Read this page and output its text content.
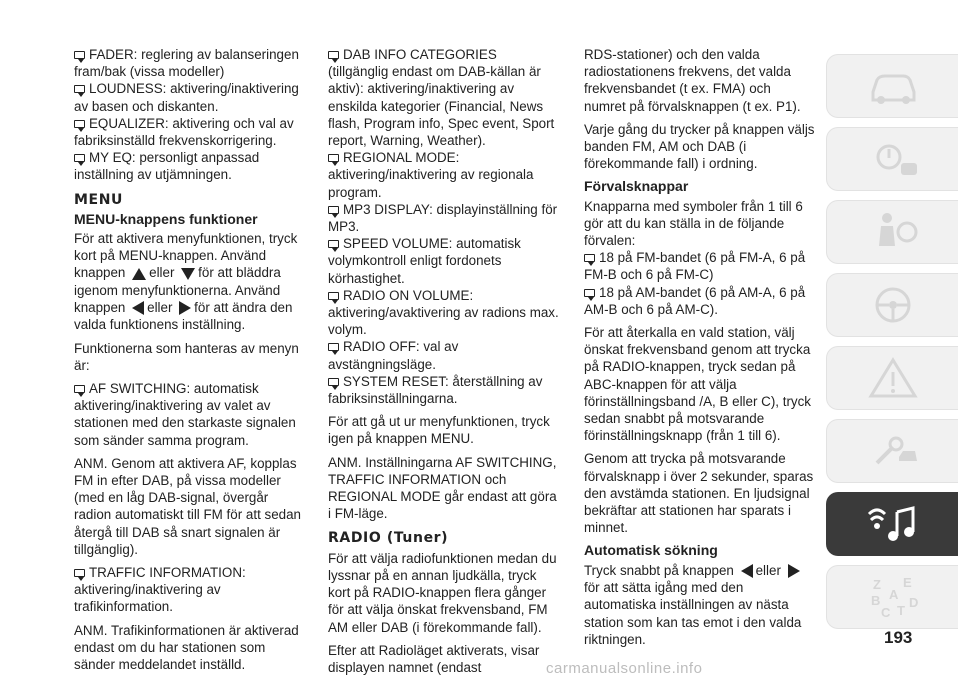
FADER: reglering av balanseringen fram/bak (vissa modeller)

LOUDNESS: aktivering/inaktivering av basen och diskanten.

EQUALIZER: aktivering och val av fabriksinställd frekvenskorrigering.

MY EQ: personligt anpassad inställning av utjämningen.

MENU
MENU-knappens funktioner

För att aktivera menyfunktionen, tryck kort på MENU-knappen. Använd knappen eller för att bläddra igenom menyfunktionerna. Använd knappen eller för att ändra den valda funktionens inställning.

Funktionerna som hanteras av menyn är:

AF SWITCHING: automatisk aktivering/inaktivering av valet av stationen med den starkaste signalen som sänder samma program.

ANM. Genom att aktivera AF, kopplas FM in efter DAB, på vissa modeller (med en låg DAB-signal, övergår radion automatiskt till FM för att sedan återgå till DAB så snart signalen är tillgänglig).

TRAFFIC INFORMATION: aktivering/inaktivering av trafikinformation.

ANM. Trafikinformationen är aktiverad endast om du har stationen som sänder meddelandet inställd.

DAB INFO CATEGORIES (tillgänglig endast om DAB-källan är aktiv): aktivering/inaktivering av enskilda kategorier (Financial, News flash, Program info, Spec event, Sport report, Warning, Weather).

REGIONAL MODE: aktivering/inaktivering av regionala program.

MP3 DISPLAY: displayinställning för MP3.

SPEED VOLUME: automatisk volymkontroll enligt fordonets körhastighet.

RADIO ON VOLUME: aktivering/avaktivering av radions max. volym.

RADIO OFF: val av avstängningsläge.

SYSTEM RESET: återställning av fabriksinställningarna.

För att gå ut ur menyfunktionen, tryck igen på knappen MENU.

ANM. Inställningarna AF SWITCHING, TRAFFIC INFORMATION och REGIONAL MODE går endast att göra i FM-läge.

RADIO (Tuner)

För att välja radiofunktionen medan du lyssnar på en annan ljudkälla, tryck kort på RADIO-knappen flera gånger för att välja önskat frekvensband, FM AM eller DAB (i förekommande fall).

Efter att Radioläget aktiverats, visar displayen namnet (endast

RDS-stationer) och den valda radiostationens frekvens, det valda frekvensbandet (t ex. FMA) och numret på förvalsknappen (t ex. P1).

Varje gång du trycker på knappen väljs banden FM, AM och DAB (i förekommande fall) i ordning.

Förvalsknappar

Knapparna med symboler från 1 till 6 gör att du kan ställa in de följande förvalen:

18 på FM-bandet (6 på FM-A, 6 på FM-B och 6 på FM-C)

18 på AM-bandet (6 på AM-A, 6 på AM-B och 6 på AM-C).

För att återkalla en vald station, välj önskat frekvensband genom att trycka på RADIO-knappen, tryck sedan på ABC-knappen för att välja förinställningsband /A, B eller C), tryck sedan snabbt på motsvarande förinställningsknapp (från 1 till 6).

Genom att trycka på motsvarande förvalsknapp i över 2 sekunder, sparas den avstämda stationen. En ljudsignal bekräftar att stationen har sparats i minnet.

Automatisk sökning

Tryck snabbt på knappen eller för att sätta igång med den automatiska inställningen av nästa station som kan tas emot i den valda riktningen.

Z E
B A
C T
D
193
carmanualsonline.info
